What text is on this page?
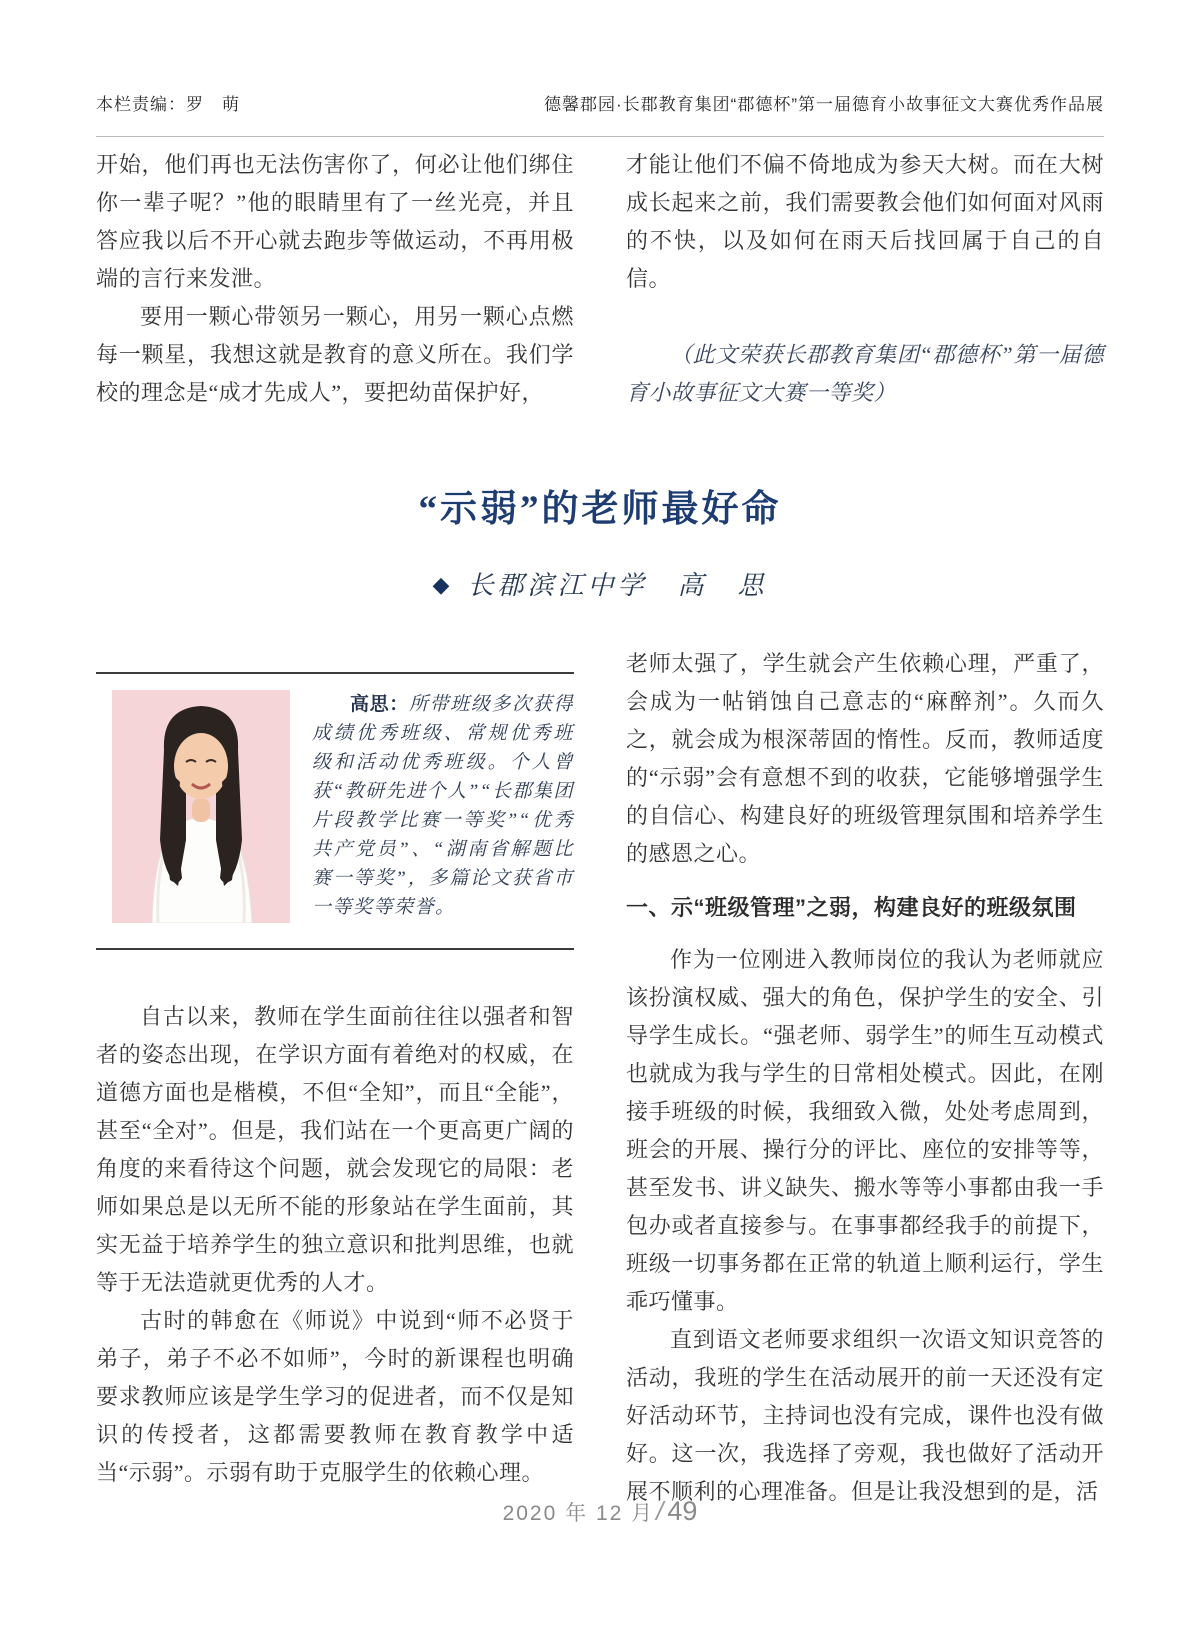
本栏责编：罗　萌	德馨郡园·长郡教育集团“郡德杯”第一届德育小故事征文大赛优秀作品展

开始，他们再也无法伤害你了，何必让他们绑住你一辈子呢？”他的眼睛里有了一丝光亮，并且答应我以后不开心就去跑步等做运动，不再用极端的言行来发泄。

要用一颗心带领另一颗心，用另一颗心点燃每一颗星，我想这就是教育的意义所在。我们学校的理念是“成才先成人”，要把幼苗保护好，

才能让他们不偏不倚地成为参天大树。而在大树成长起来之前，我们需要教会他们如何面对风雨的不快，以及如何在雨天后找回属于自己的自信。

（此文荣获长郡教育集团“郡德杯”第一届德育小故事征文大赛一等奖）

“示弱”的老师最好命
◆ 长郡滨江中学　高　思
高思：所带班级多次获得成绩优秀班级、常规优秀班级和活动优秀班级。个人曾获“教研先进个人”“长郡集团片段教学比赛一等奖”“优秀共产党员”、“湖南省解题比赛一等奖”，多篇论文获省市一等奖等荣誉。

自古以来，教师在学生面前往往以强者和智者的姿态出现，在学识方面有着绝对的权威，在道德方面也是楷模，不但“全知”，而且“全能”，甚至“全对”。但是，我们站在一个更高更广阔的角度的来看待这个问题，就会发现它的局限：老师如果总是以无所不能的形象站在学生面前，其实无益于培养学生的独立意识和批判思维，也就等于无法造就更优秀的人才。

古时的韩愈在《师说》中说到“师不必贤于弟子，弟子不必不如师”，今时的新课程也明确要求教师应该是学生学习的促进者，而不仅是知识的传授者，这都需要教师在教育教学中适当“示弱”。示弱有助于克服学生的依赖心理。

老师太强了，学生就会产生依赖心理，严重了，会成为一帖销蚀自己意志的“麻醉剂”。久而久之，就会成为根深蒂固的惰性。反而，教师适度的“示弱”会有意想不到的收获，它能够增强学生的自信心、构建良好的班级管理氛围和培养学生的感恩之心。

一、示“班级管理”之弱，构建良好的班级氛围

作为一位刚进入教师岗位的我认为老师就应该扮演权威、强大的角色，保护学生的安全、引导学生成长。“强老师、弱学生”的师生互动模式也就成为我与学生的日常相处模式。因此，在刚接手班级的时候，我细致入微，处处考虑周到，班会的开展、操行分的评比、座位的安排等等，甚至发书、讲义缺失、搬水等等小事都由我一手包办或者直接参与。在事事都经我手的前提下，班级一切事务都在正常的轨道上顺利运行，学生乖巧懂事。

直到语文老师要求组织一次语文知识竞答的活动，我班的学生在活动展开的前一天还没有定好活动环节，主持词也没有完成，课件也没有做好。这一次，我选择了旁观，我也做好了活动开展不顺利的心理准备。但是让我没想到的是，活

2020 年 12 月/49
